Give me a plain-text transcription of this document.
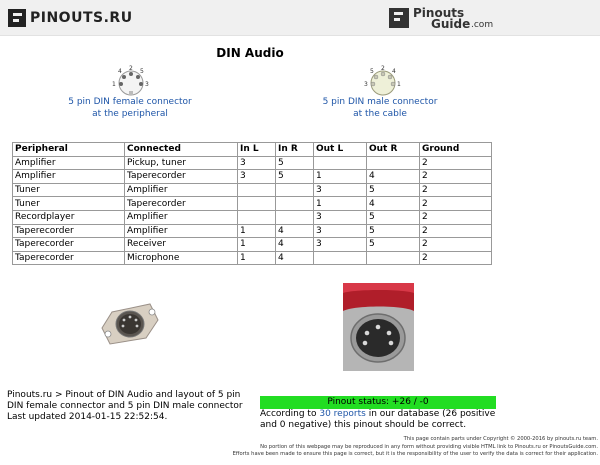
PINOUTS.RU	Pinouts
Guide .com
DIN Audio
1
2
3
4	5
5 pin DIN female connector
at the peripheral
1
2
3
4
5
5 pin DIN male connector
at the cable
Peripheral	Connected	In L	In R	Out L	Out R	Ground
Amplifier	Pickup, tuner	3	5			2
Amplifier	Taperecorder	3	5	1	4	2
Tuner	Amplifier			3	5	2
Tuner	Taperecorder			1	4	2
Recordplayer	Amplifier			3	5	2
Taperecorder	Amplifier	1	4	3	5	2
Taperecorder	Receiver	1	4	3	5	2
Taperecorder	Microphone	1	4			2
Pinouts.ru > Pinout of DIN Audio and layout of 5 pin DIN female connector and 5 pin DIN male connector
Last updated 2014-01-15 22:52:54.
Pinout status: +26 / -0
According to 30 reports in our database (26 positive and 0 negative) this pinout should be correct.
This page contain parts under Copyright © 2000-2016 by pinouts.ru team.
No portion of this webpage may be reproduced in any form without providing visible HTML link to Pinouts.ru or PinoutsGuide.com.
Efforts have been made to ensure this page is correct, but it is the responsibility of the user to verify the data is correct for their application.
